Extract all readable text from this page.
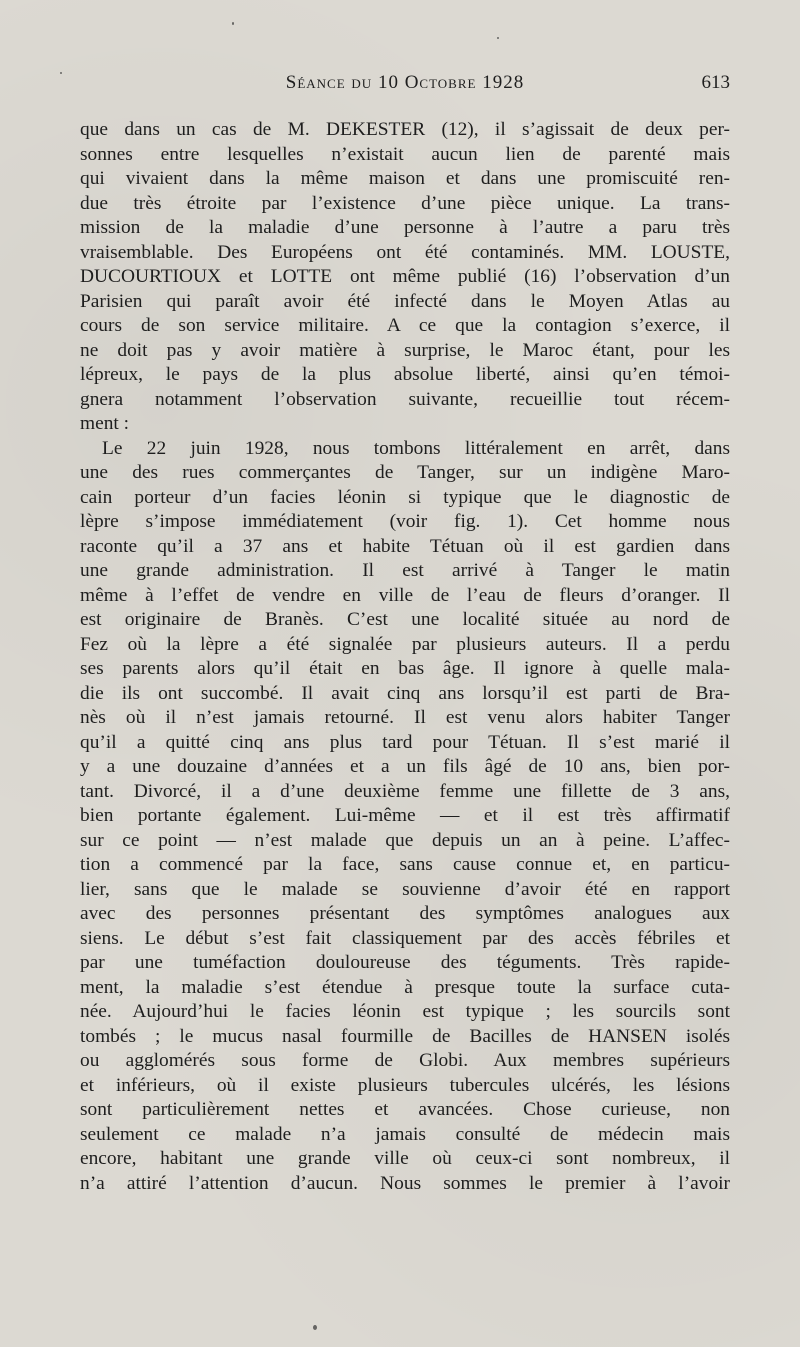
Séance du 10 Octobre 1928	613
que dans un cas de M. DEKESTER (12), il s’agissait de deux per-
sonnes entre lesquelles n’existait aucun lien de parenté mais
qui vivaient dans la même maison et dans une promiscuité ren-
due très étroite par l’existence d’une pièce unique. La trans-
mission de la maladie d’une personne à l’autre a paru très
vraisemblable. Des Européens ont été contaminés. MM. LOUSTE,
DUCOURTIOUX et LOTTE ont même publié (16) l’observation d’un
Parisien qui paraît avoir été infecté dans le Moyen Atlas au
cours de son service militaire. A ce que la contagion s’exerce, il
ne doit pas y avoir matière à surprise, le Maroc étant, pour les
lépreux, le pays de la plus absolue liberté, ainsi qu’en témoi-
gnera notamment l’observation suivante, recueillie tout récem-
ment :
Le 22 juin 1928, nous tombons littéralement en arrêt, dans
une des rues commerçantes de Tanger, sur un indigène Maro-
cain porteur d’un facies léonin si typique que le diagnostic de
lèpre s’impose immédiatement (voir fig. 1). Cet homme nous
raconte qu’il a 37 ans et habite Tétuan où il est gardien dans
une grande administration. Il est arrivé à Tanger le matin
même à l’effet de vendre en ville de l’eau de fleurs d’oranger. Il
est originaire de Branès. C’est une localité située au nord de
Fez où la lèpre a été signalée par plusieurs auteurs. Il a perdu
ses parents alors qu’il était en bas âge. Il ignore à quelle mala-
die ils ont succombé. Il avait cinq ans lorsqu’il est parti de Bra-
nès où il n’est jamais retourné. Il est venu alors habiter Tanger
qu’il a quitté cinq ans plus tard pour Tétuan. Il s’est marié il
y a une douzaine d’années et a un fils âgé de 10 ans, bien por-
tant. Divorcé, il a d’une deuxième femme une fillette de 3 ans,
bien portante également. Lui-même — et il est très affirmatif
sur ce point — n’est malade que depuis un an à peine. L’affec-
tion a commencé par la face, sans cause connue et, en particu-
lier, sans que le malade se souvienne d’avoir été en rapport
avec des personnes présentant des symptômes analogues aux
siens. Le début s’est fait classiquement par des accès fébriles et
par une tuméfaction douloureuse des téguments. Très rapide-
ment, la maladie s’est étendue à presque toute la surface cuta-
née. Aujourd’hui le facies léonin est typique ; les sourcils sont
tombés ; le mucus nasal fourmille de Bacilles de HANSEN isolés
ou agglomérés sous forme de Globi. Aux membres supérieurs
et inférieurs, où il existe plusieurs tubercules ulcérés, les lésions
sont particulièrement nettes et avancées. Chose curieuse, non
seulement ce malade n’a jamais consulté de médecin mais
encore, habitant une grande ville où ceux-ci sont nombreux, il
n’a attiré l’attention d’aucun. Nous sommes le premier à l’avoir
